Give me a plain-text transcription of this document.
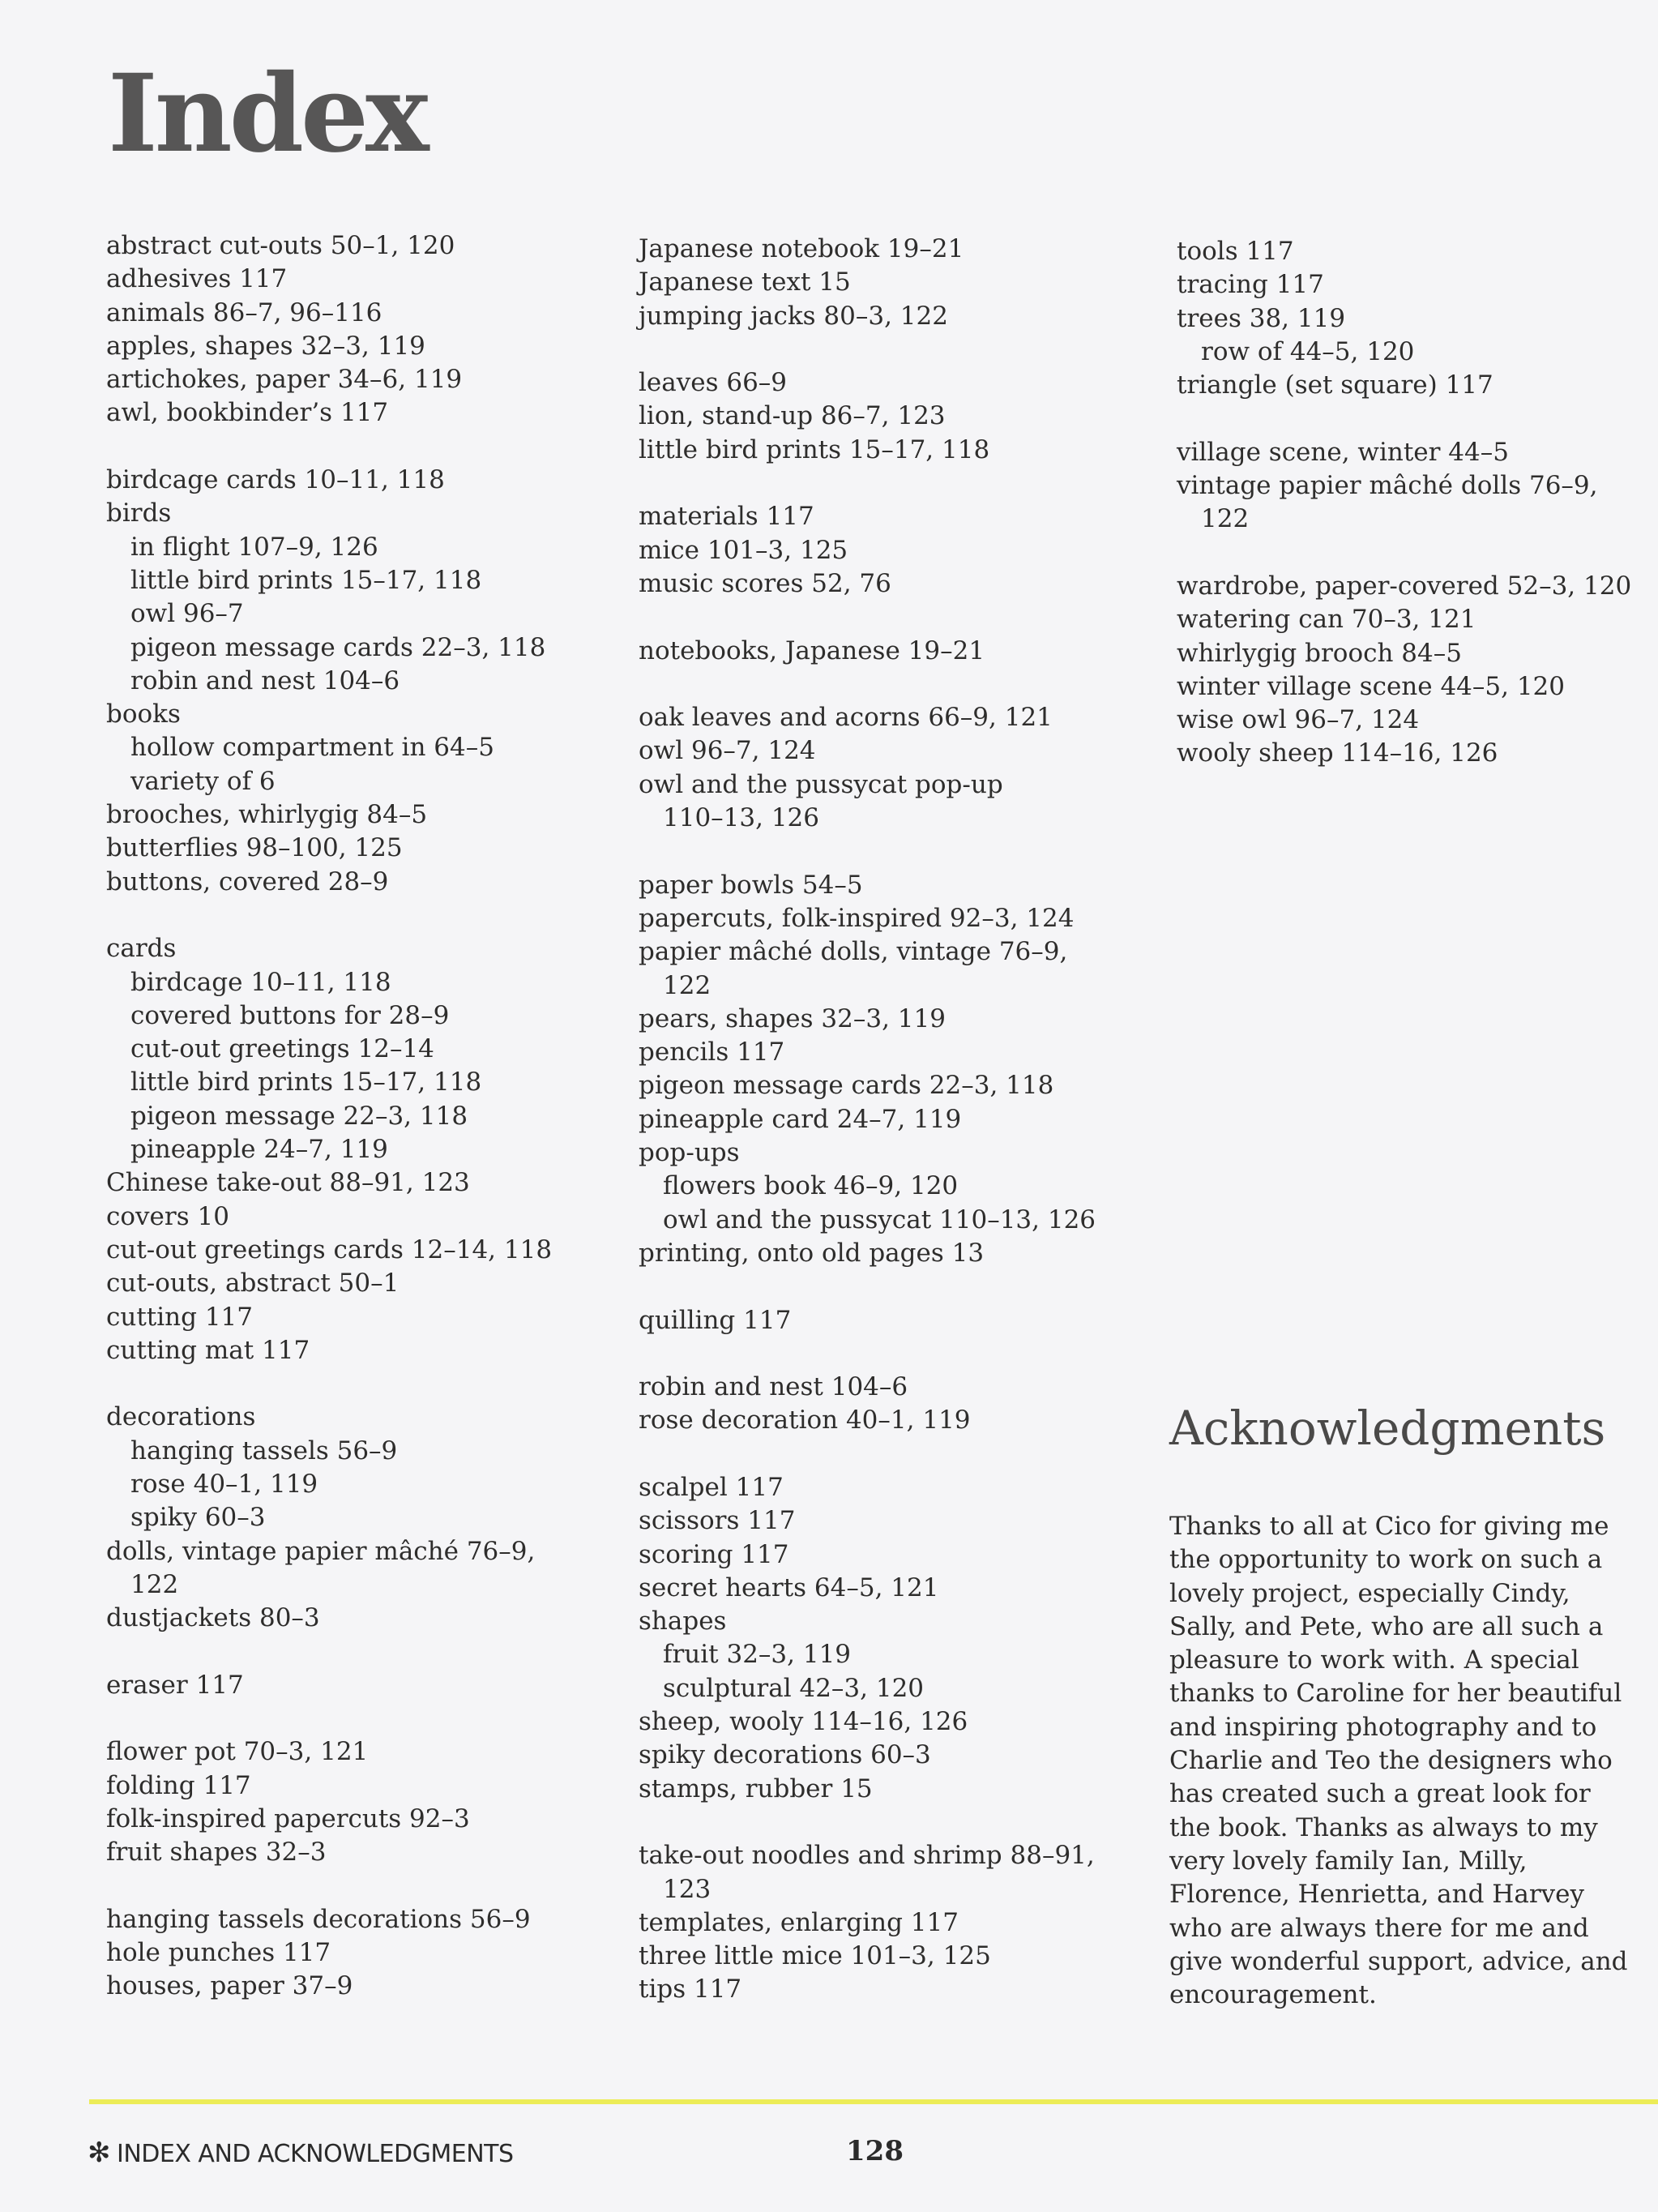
Index
abstract cut-outs 50–1, 120
adhesives 117
animals 86–7, 96–116
apples, shapes 32–3, 119
artichokes, paper 34–6, 119
awl, bookbinder’s 117
birdcage cards 10–11, 118
birds
in flight 107–9, 126
little bird prints 15–17, 118
owl 96–7
pigeon message cards 22–3, 118
robin and nest 104–6
books
hollow compartment in 64–5
variety of 6
brooches, whirlygig 84–5
butterflies 98–100, 125
buttons, covered 28–9
cards
birdcage 10–11, 118
covered buttons for 28–9
cut-out greetings 12–14
little bird prints 15–17, 118
pigeon message 22–3, 118
pineapple 24–7, 119
Chinese take-out 88–91, 123
covers 10
cut-out greetings cards 12–14, 118
cut-outs, abstract 50–1
cutting 117
cutting mat 117
decorations
hanging tassels 56–9
rose 40–1, 119
spiky 60–3
dolls, vintage papier mâché 76–9,
122
dustjackets 80–3
eraser 117
flower pot 70–3, 121
folding 117
folk-inspired papercuts 92–3
fruit shapes 32–3
hanging tassels decorations 56–9
hole punches 117
houses, paper 37–9
Japanese notebook 19–21
Japanese text 15
jumping jacks 80–3, 122
leaves 66–9
lion, stand-up 86–7, 123
little bird prints 15–17, 118
materials 117
mice 101–3, 125
music scores 52, 76
notebooks, Japanese 19–21
oak leaves and acorns 66–9, 121
owl 96–7, 124
owl and the pussycat pop-up
110–13, 126
paper bowls 54–5
papercuts, folk-inspired 92–3, 124
papier mâché dolls, vintage 76–9,
122
pears, shapes 32–3, 119
pencils 117
pigeon message cards 22–3, 118
pineapple card 24–7, 119
pop-ups
flowers book 46–9, 120
owl and the pussycat 110–13, 126
printing, onto old pages 13
quilling 117
robin and nest 104–6
rose decoration 40–1, 119
scalpel 117
scissors 117
scoring 117
secret hearts 64–5, 121
shapes
fruit 32–3, 119
sculptural 42–3, 120
sheep, wooly 114–16, 126
spiky decorations 60–3
stamps, rubber 15
take-out noodles and shrimp 88–91,
123
templates, enlarging 117
three little mice 101–3, 125
tips 117
tools 117
tracing 117
trees 38, 119
row of 44–5, 120
triangle (set square) 117
village scene, winter 44–5
vintage papier mâché dolls 76–9,
122
wardrobe, paper-covered 52–3, 120
watering can 70–3, 121
whirlygig brooch 84–5
winter village scene 44–5, 120
wise owl 96–7, 124
wooly sheep 114–16, 126
Acknowledgments
Thanks to all at Cico for giving me
the opportunity to work on such a
lovely project, especially Cindy,
Sally, and Pete, who are all such a
pleasure to work with. A special
thanks to Caroline for her beautiful
and inspiring photography and to
Charlie and Teo the designers who
has created such a great look for
the book. Thanks as always to my
very lovely family Ian, Milly,
Florence, Henrietta, and Harvey
who are always there for me and
give wonderful support, advice, and
encouragement.
✻ INDEX AND ACKNOWLEDGMENTS	128
